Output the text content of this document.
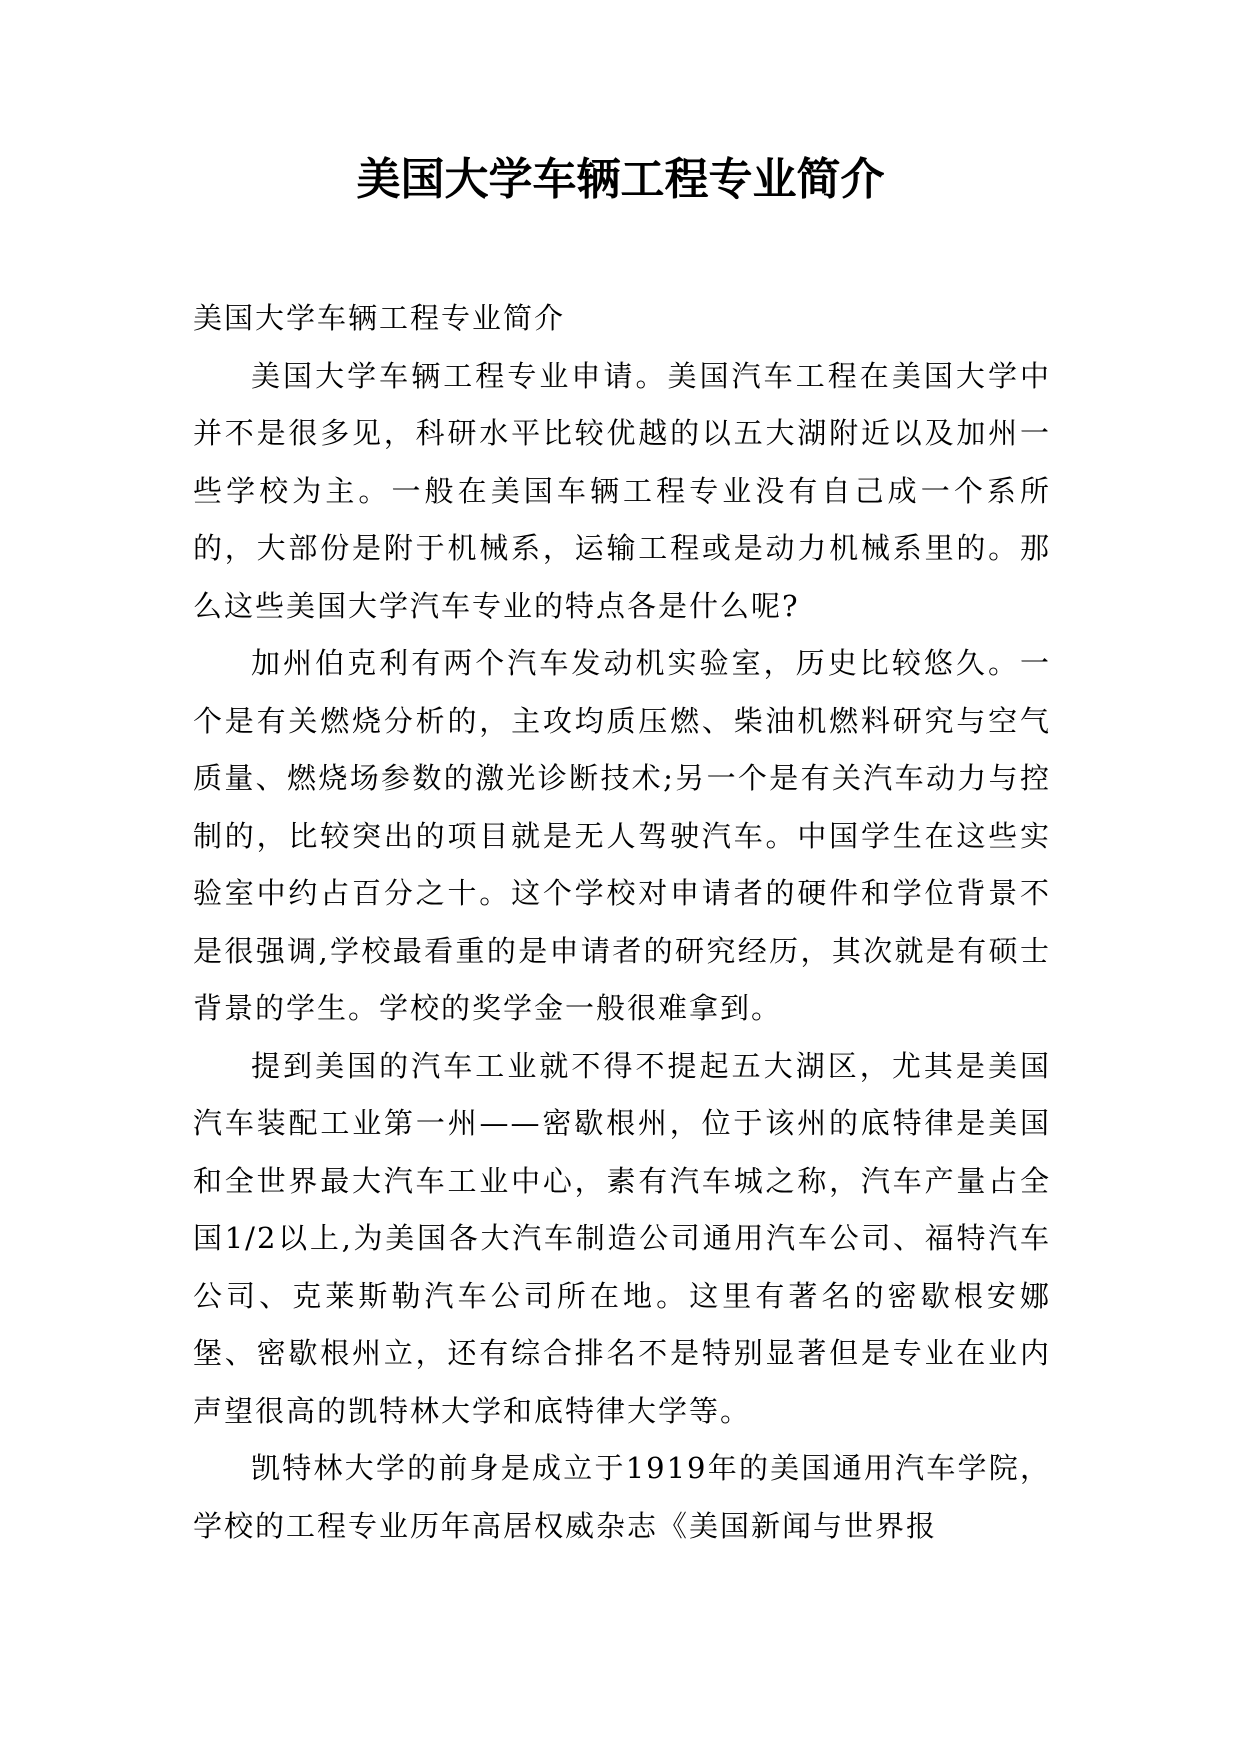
美国大学车辆工程专业简介

美国大学车辆工程专业简介

美国大学车辆工程专业申请。美国汽车工程在美国大学中并不是很多见，科研水平比较优越的以五大湖附近以及加州一些学校为主。一般在美国车辆工程专业没有自己成一个系所的，大部份是附于机械系，运输工程或是动力机械系里的。那么这些美国大学汽车专业的特点各是什么呢?

加州伯克利有两个汽车发动机实验室，历史比较悠久。一个是有关燃烧分析的，主攻均质压燃、柴油机燃料研究与空气质量、燃烧场参数的激光诊断技术;另一个是有关汽车动力与控制的，比较突出的项目就是无人驾驶汽车。中国学生在这些实验室中约占百分之十。这个学校对申请者的硬件和学位背景不是很强调,学校最看重的是申请者的研究经历，其次就是有硕士背景的学生。学校的奖学金一般很难拿到。

提到美国的汽车工业就不得不提起五大湖区，尤其是美国汽车装配工业第一州——密歇根州，位于该州的底特律是美国和全世界最大汽车工业中心，素有汽车城之称，汽车产量占全国1/2以上,为美国各大汽车制造公司通用汽车公司、福特汽车公司、克莱斯勒汽车公司所在地。这里有著名的密歇根安娜堡、密歇根州立，还有综合排名不是特别显著但是专业在业内声望很高的凯特林大学和底特律大学等。

凯特林大学的前身是成立于1919年的美国通用汽车学院，学校的工程专业历年高居权威杂志《美国新闻与世界报
